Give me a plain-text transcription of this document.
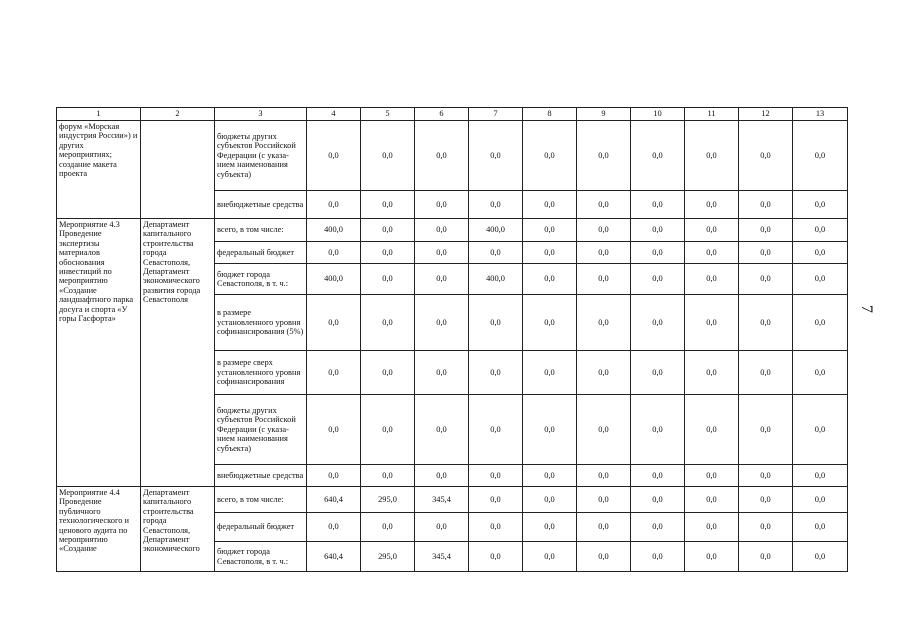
1	2	3	4	5	6	7	8	9	10	11	12	13
форум «Морская индустрия России») и других мероприятиях; создание макета проекта		бюджеты других субъектов Российской Федерации (с указа-нием наименования субъекта)	0,0	0,0	0,0	0,0	0,0	0,0	0,0	0,0	0,0	0,0
		внебюджетные средства	0,0	0,0	0,0	0,0	0,0	0,0	0,0	0,0	0,0	0,0
Мероприятие 4.3 Проведение экспертизы материалов обоснования инвестиций по мероприятию «Создание ландшафтного парка досуга и спорта «У горы Гасфорта»	Департамент капитального строительства города Севастополя, Департамент экономического развития города Севастополя	всего, в том числе:	400,0	0,0	0,0	400,0	0,0	0,0	0,0	0,0	0,0	0,0
		федеральный бюджет	0,0	0,0	0,0	0,0	0,0	0,0	0,0	0,0	0,0	0,0
		бюджет города Севастополя, в т. ч.:	400,0	0,0	0,0	400,0	0,0	0,0	0,0	0,0	0,0	0,0
		в размере установленного уровня софинансирования (5%)	0,0	0,0	0,0	0,0	0,0	0,0	0,0	0,0	0,0	0,0
		в размере сверх установленного уровня софинансирования	0,0	0,0	0,0	0,0	0,0	0,0	0,0	0,0	0,0	0,0
		бюджеты других субъектов Российской Федерации (с указа-нием наименования субъекта)	0,0	0,0	0,0	0,0	0,0	0,0	0,0	0,0	0,0	0,0
		внебюджетные средства	0,0	0,0	0,0	0,0	0,0	0,0	0,0	0,0	0,0	0,0
Мероприятие 4.4 Проведение публичного технологического и ценового аудита по мероприятию «Создание	Департамент капитального строительства города Севастополя, Департамент экономического	всего, в том числе:	640,4	295,0	345,4	0,0	0,0	0,0	0,0	0,0	0,0	0,0
		федеральный бюджет	0,0	0,0	0,0	0,0	0,0	0,0	0,0	0,0	0,0	0,0
		бюджет города Севастополя, в т. ч.:	640,4	295,0	345,4	0,0	0,0	0,0	0,0	0,0	0,0	0,0
7
